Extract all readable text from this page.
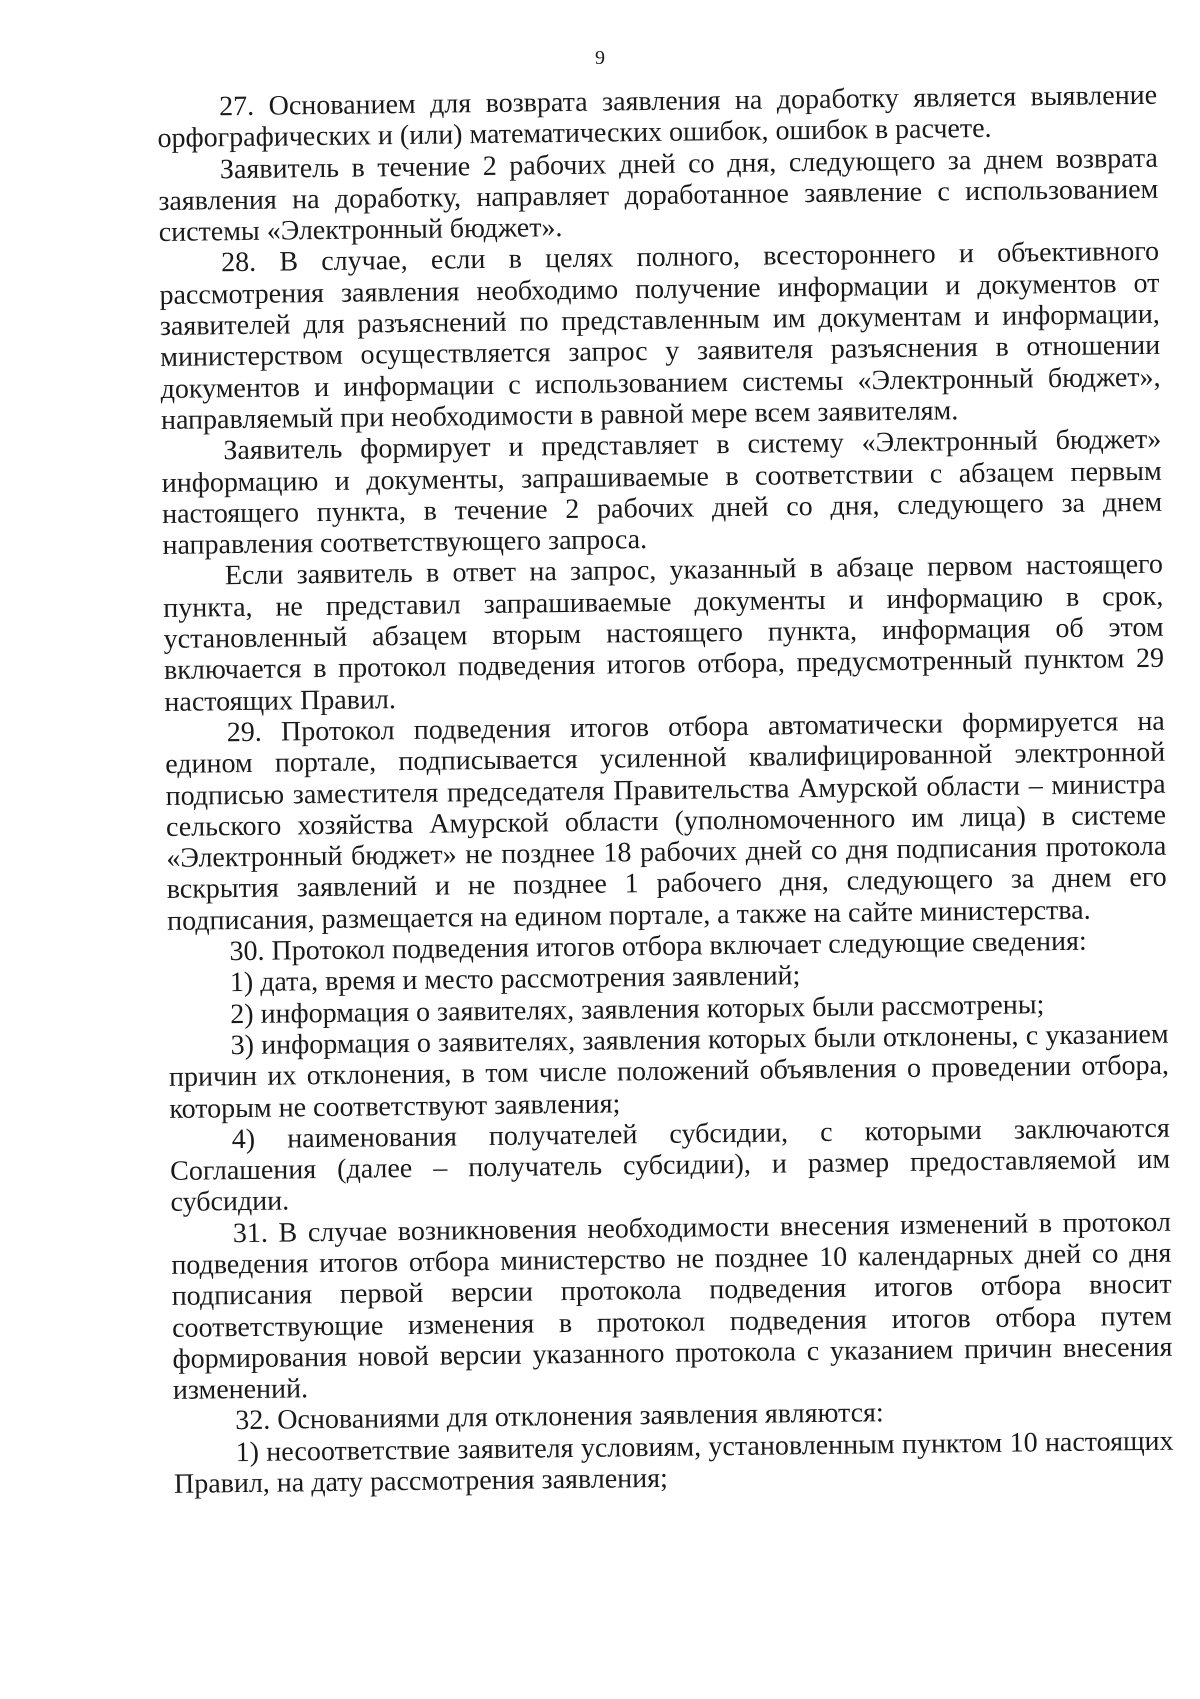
9

27. Основанием для возврата заявления на доработку является выявление орфографических и (или) математических ошибок, ошибок в расчете.

Заявитель в течение 2 рабочих дней со дня, следующего за днем возврата заявления на доработку, направляет доработанное заявление с использованием системы «Электронный бюджет».

28. В случае, если в целях полного, всестороннего и объективного рассмотрения заявления необходимо получение информации и документов от заявителей для разъяснений по представленным им документам и информации, министерством осуществляется запрос у заявителя разъяснения в отношении документов и информации с использованием системы «Электронный бюджет», направляемый при необходимости в равной мере всем заявителям.

Заявитель формирует и представляет в систему «Электронный бюджет» информацию и документы, запрашиваемые в соответствии с абзацем первым настоящего пункта, в течение 2 рабочих дней со дня, следующего за днем направления соответствующего запроса.

Если заявитель в ответ на запрос, указанный в абзаце первом настоящего пункта, не представил запрашиваемые документы и информацию в срок, установленный абзацем вторым настоящего пункта, информация об этом включается в протокол подведения итогов отбора, предусмотренный пунктом 29 настоящих Правил.

29. Протокол подведения итогов отбора автоматически формируется на едином портале, подписывается усиленной квалифицированной электронной подписью заместителя председателя Правительства Амурской области – министра сельского хозяйства Амурской области (уполномоченного им лица) в системе «Электронный бюджет» не позднее 18 рабочих дней со дня подписания протокола вскрытия заявлений и не позднее 1 рабочего дня, следующего за днем его подписания, размещается на едином портале, а также на сайте министерства.

30. Протокол подведения итогов отбора включает следующие сведения:

1) дата, время и место рассмотрения заявлений;

2) информация о заявителях, заявления которых были рассмотрены;

3) информация о заявителях, заявления которых были отклонены, с указанием причин их отклонения, в том числе положений объявления о проведении отбора, которым не соответствуют заявления;

4) наименования получателей субсидии, с которыми заключаются Соглашения (далее – получатель субсидии), и размер предоставляемой им субсидии.

31. В случае возникновения необходимости внесения изменений в протокол подведения итогов отбора министерство не позднее 10 календарных дней со дня подписания первой версии протокола подведения итогов отбора вносит соответствующие изменения в протокол подведения итогов отбора путем формирования новой версии указанного протокола с указанием причин внесения изменений.

32. Основаниями для отклонения заявления являются:

1) несоответствие заявителя условиям, установленным пунктом 10 настоящих Правил, на дату рассмотрения заявления;
